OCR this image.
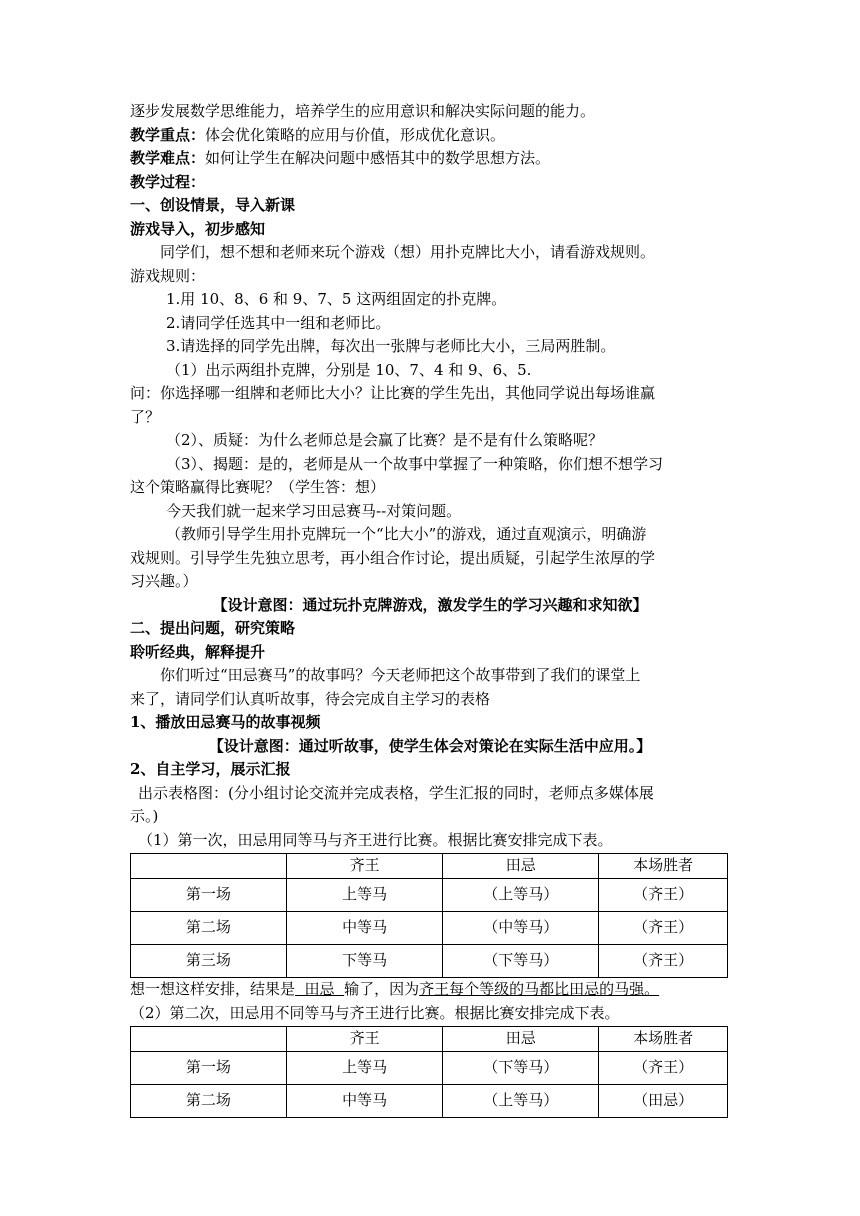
逐步发展数学思维能力，培养学生的应用意识和解决实际问题的能力。
教学重点：体会优化策略的应用与价值，形成优化意识。
教学难点：如何让学生在解决问题中感悟其中的数学思想方法。
教学过程：
一、创设情景，导入新课
游戏导入，初步感知
同学们，想不想和老师来玩个游戏（想）用扑克牌比大小，请看游戏规则。
游戏规则：
1.用 10、8、6 和 9、7、5 这两组固定的扑克牌。
2.请同学任选其中一组和老师比。
3.请选择的同学先出牌，每次出一张牌与老师比大小，三局两胜制。
（1）出示两组扑克牌，分别是 10、7、4 和 9、6、5.
问：你选择哪一组牌和老师比大小？让比赛的学生先出，其他同学说出每场谁赢
了？
（2）、质疑：为什么老师总是会赢了比赛？是不是有什么策略呢？
（3）、揭题：是的，老师是从一个故事中掌握了一种策略，你们想不想学习
这个策略赢得比赛呢？（学生答：想）
今天我们就一起来学习田忌赛马--对策问题。
（教师引导学生用扑克牌玩一个“比大小”的游戏，通过直观演示，明确游
戏规则。引导学生先独立思考，再小组合作讨论，提出质疑，引起学生浓厚的学
习兴趣。）
【设计意图：通过玩扑克牌游戏，激发学生的学习兴趣和求知欲】
二、提出问题，研究策略
聆听经典，解释提升
你们听过“田忌赛马”的故事吗？今天老师把这个故事带到了我们的课堂上
来了，请同学们认真听故事，待会完成自主学习的表格
1、播放田忌赛马的故事视频
【设计意图：通过听故事，使学生体会对策论在实际生活中应用。】
2、自主学习，展示汇报
出示表格图：(分小组讨论交流并完成表格，学生汇报的同时，老师点多媒体展
示。)
（1）第一次，田忌用同等马与齐王进行比赛。根据比赛安排完成下表。
	齐王	田忌	本场胜者
第一场	上等马	（上等马）	（齐王）
第二场	中等马	（中等马）	（齐王）
第三场	下等马	（下等马）	（齐王）
想一想这样安排，结果是  田忌  输了，因为齐王每个等级的马都比田忌的马强。
（2）第二次，田忌用不同等马与齐王进行比赛。根据比赛安排完成下表。
	齐王	田忌	本场胜者
第一场	上等马	（下等马）	（齐王）
第二场	中等马	（上等马）	（田忌）
